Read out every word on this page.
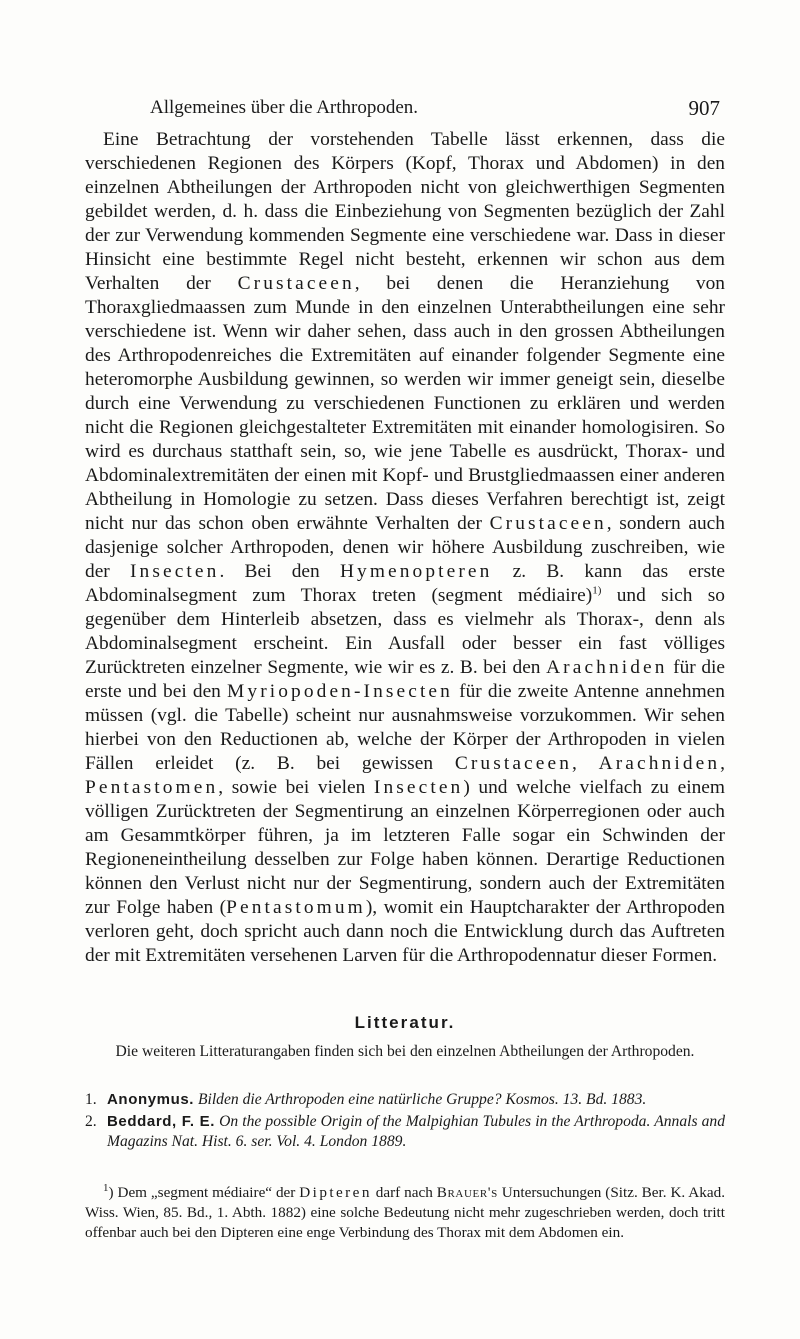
Allgemeines über die Arthropoden.	907

Eine Betrachtung der vorstehenden Tabelle lässt erkennen, dass die verschiedenen Regionen des Körpers (Kopf, Thorax und Abdomen) in den einzelnen Abtheilungen der Arthropoden nicht von gleichwerthigen Segmenten gebildet werden, d. h. dass die Einbeziehung von Segmenten bezüglich der Zahl der zur Verwendung kommenden Segmente eine verschiedene war. Dass in dieser Hinsicht eine bestimmte Regel nicht besteht, erkennen wir schon aus dem Verhalten der Crustaceen, bei denen die Heranziehung von Thoraxgliedmaassen zum Munde in den einzelnen Unterabtheilungen eine sehr verschiedene ist. Wenn wir daher sehen, dass auch in den grossen Abtheilungen des Arthropodenreiches die Extremitäten auf einander folgender Segmente eine heteromorphe Ausbildung gewinnen, so werden wir immer geneigt sein, dieselbe durch eine Verwendung zu verschiedenen Functionen zu erklären und werden nicht die Regionen gleichgestalteter Extremitäten mit einander homologisiren. So wird es durchaus statthaft sein, so, wie jene Tabelle es ausdrückt, Thorax- und Abdominalextremitäten der einen mit Kopf- und Brustgliedmaassen einer anderen Abtheilung in Homologie zu setzen. Dass dieses Verfahren berechtigt ist, zeigt nicht nur das schon oben erwähnte Verhalten der Crustaceen, sondern auch dasjenige solcher Arthropoden, denen wir höhere Ausbildung zuschreiben, wie der Insecten. Bei den Hymenopteren z. B. kann das erste Abdominalsegment zum Thorax treten (segment médiaire)$^{1)}$ und sich so gegenüber dem Hinterleib absetzen, dass es vielmehr als Thorax-, denn als Abdominalsegment erscheint. Ein Ausfall oder besser ein fast völliges Zurücktreten einzelner Segmente, wie wir es z. B. bei den Arachniden für die erste und bei den Myriopoden-Insecten für die zweite Antenne annehmen müssen (vgl. die Tabelle) scheint nur ausnahmsweise vorzukommen. Wir sehen hierbei von den Reductionen ab, welche der Körper der Arthropoden in vielen Fällen erleidet (z. B. bei gewissen Crustaceen, Arachniden, Pentastomen, sowie bei vielen Insecten) und welche vielfach zu einem völligen Zurücktreten der Segmentirung an einzelnen Körperregionen oder auch am Gesammtkörper führen, ja im letzteren Falle sogar ein Schwinden der Regioneneintheilung desselben zur Folge haben können. Derartige Reductionen können den Verlust nicht nur der Segmentirung, sondern auch der Extremitäten zur Folge haben (Pentastomum), womit ein Hauptcharakter der Arthropoden verloren geht, doch spricht auch dann noch die Entwicklung durch das Auftreten der mit Extremitäten versehenen Larven für die Arthropodennatur dieser Formen.

Litteratur.

Die weiteren Litteraturangaben finden sich bei den einzelnen Abtheilungen der Arthropoden.

1. Anonymus. Bilden die Arthropoden eine natürliche Gruppe? Kosmos. 13. Bd. 1883.
2. Beddard, F. E. On the possible Origin of the Malpighian Tubules in the Arthropoda. Annals and Magazins Nat. Hist. 6. ser. Vol. 4. London 1889.

$^1$) Dem „segment médiaire“ der Dipteren darf nach Brauer's Untersuchungen (Sitz. Ber. K. Akad. Wiss. Wien, 85. Bd., 1. Abth. 1882) eine solche Bedeutung nicht mehr zugeschrieben werden, doch tritt offenbar auch bei den Dipteren eine enge Verbindung des Thorax mit dem Abdomen ein.
